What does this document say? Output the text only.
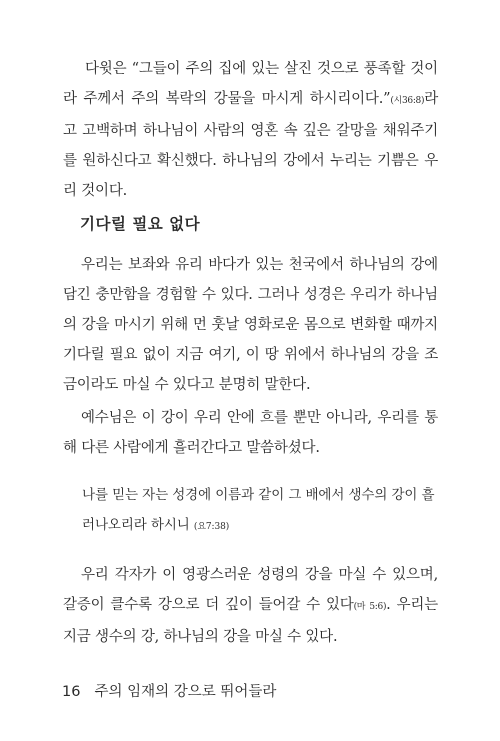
다윗은 “그들이 주의 집에 있는 살진 것으로 풍족할 것이라 주께서 주의 복락의 강물을 마시게 하시리이다.”(시36:8)라고 고백하며 하나님이 사람의 영혼 속 깊은 갈망을 채워주기를 원하신다고 확신했다. 하나님의 강에서 누리는 기쁨은 우리 것이다.

기다릴 필요 없다

우리는 보좌와 유리 바다가 있는 천국에서 하나님의 강에 담긴 충만함을 경험할 수 있다. 그러나 성경은 우리가 하나님의 강을 마시기 위해 먼 훗날 영화로운 몸으로 변화할 때까지 기다릴 필요 없이 지금 여기, 이 땅 위에서 하나님의 강을 조금이라도 마실 수 있다고 분명히 말한다.

예수님은 이 강이 우리 안에 흐를 뿐만 아니라, 우리를 통해 다른 사람에게 흘러간다고 말씀하셨다.

나를 믿는 자는 성경에 이름과 같이 그 배에서 생수의 강이 흘러나오리라 하시니 (요7:38)

우리 각자가 이 영광스러운 성령의 강을 마실 수 있으며, 갈증이 클수록 강으로 더 깊이 들어갈 수 있다(마 5:6). 우리는 지금 생수의 강, 하나님의 강을 마실 수 있다.

16 주의 임재의 강으로 뛰어들라
